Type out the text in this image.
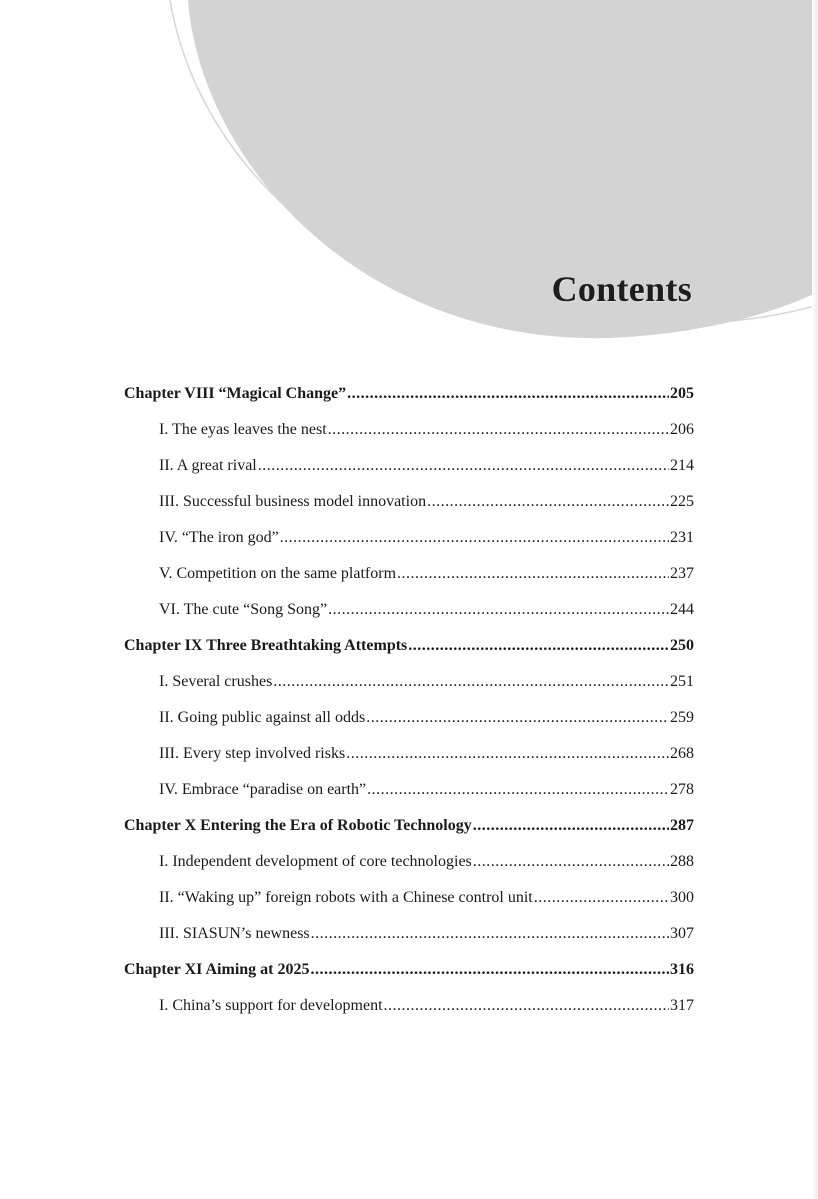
Contents
Chapter VIII “Magical Change” .....	205
I. The eyas leaves the nest .....	206
II. A great rival .....	214
III. Successful business model innovation .....	225
IV. “The iron god” .....	231
V. Competition on the same platform .....	237
VI. The cute “Song Song” .....	244
Chapter IX Three Breathtaking Attempts .....	250
I. Several crushes .....	251
II. Going public against all odds .....	259
III. Every step involved risks .....	268
IV. Embrace “paradise on earth” .....	278
Chapter X Entering the Era of Robotic Technology .....	287
I. Independent development of core technologies .....	288
II. “Waking up” foreign robots with a Chinese control unit .....	300
III. SIASUN’s newness .....	307
Chapter XI Aiming at 2025 .....	316
I. China’s support for development .....	317
